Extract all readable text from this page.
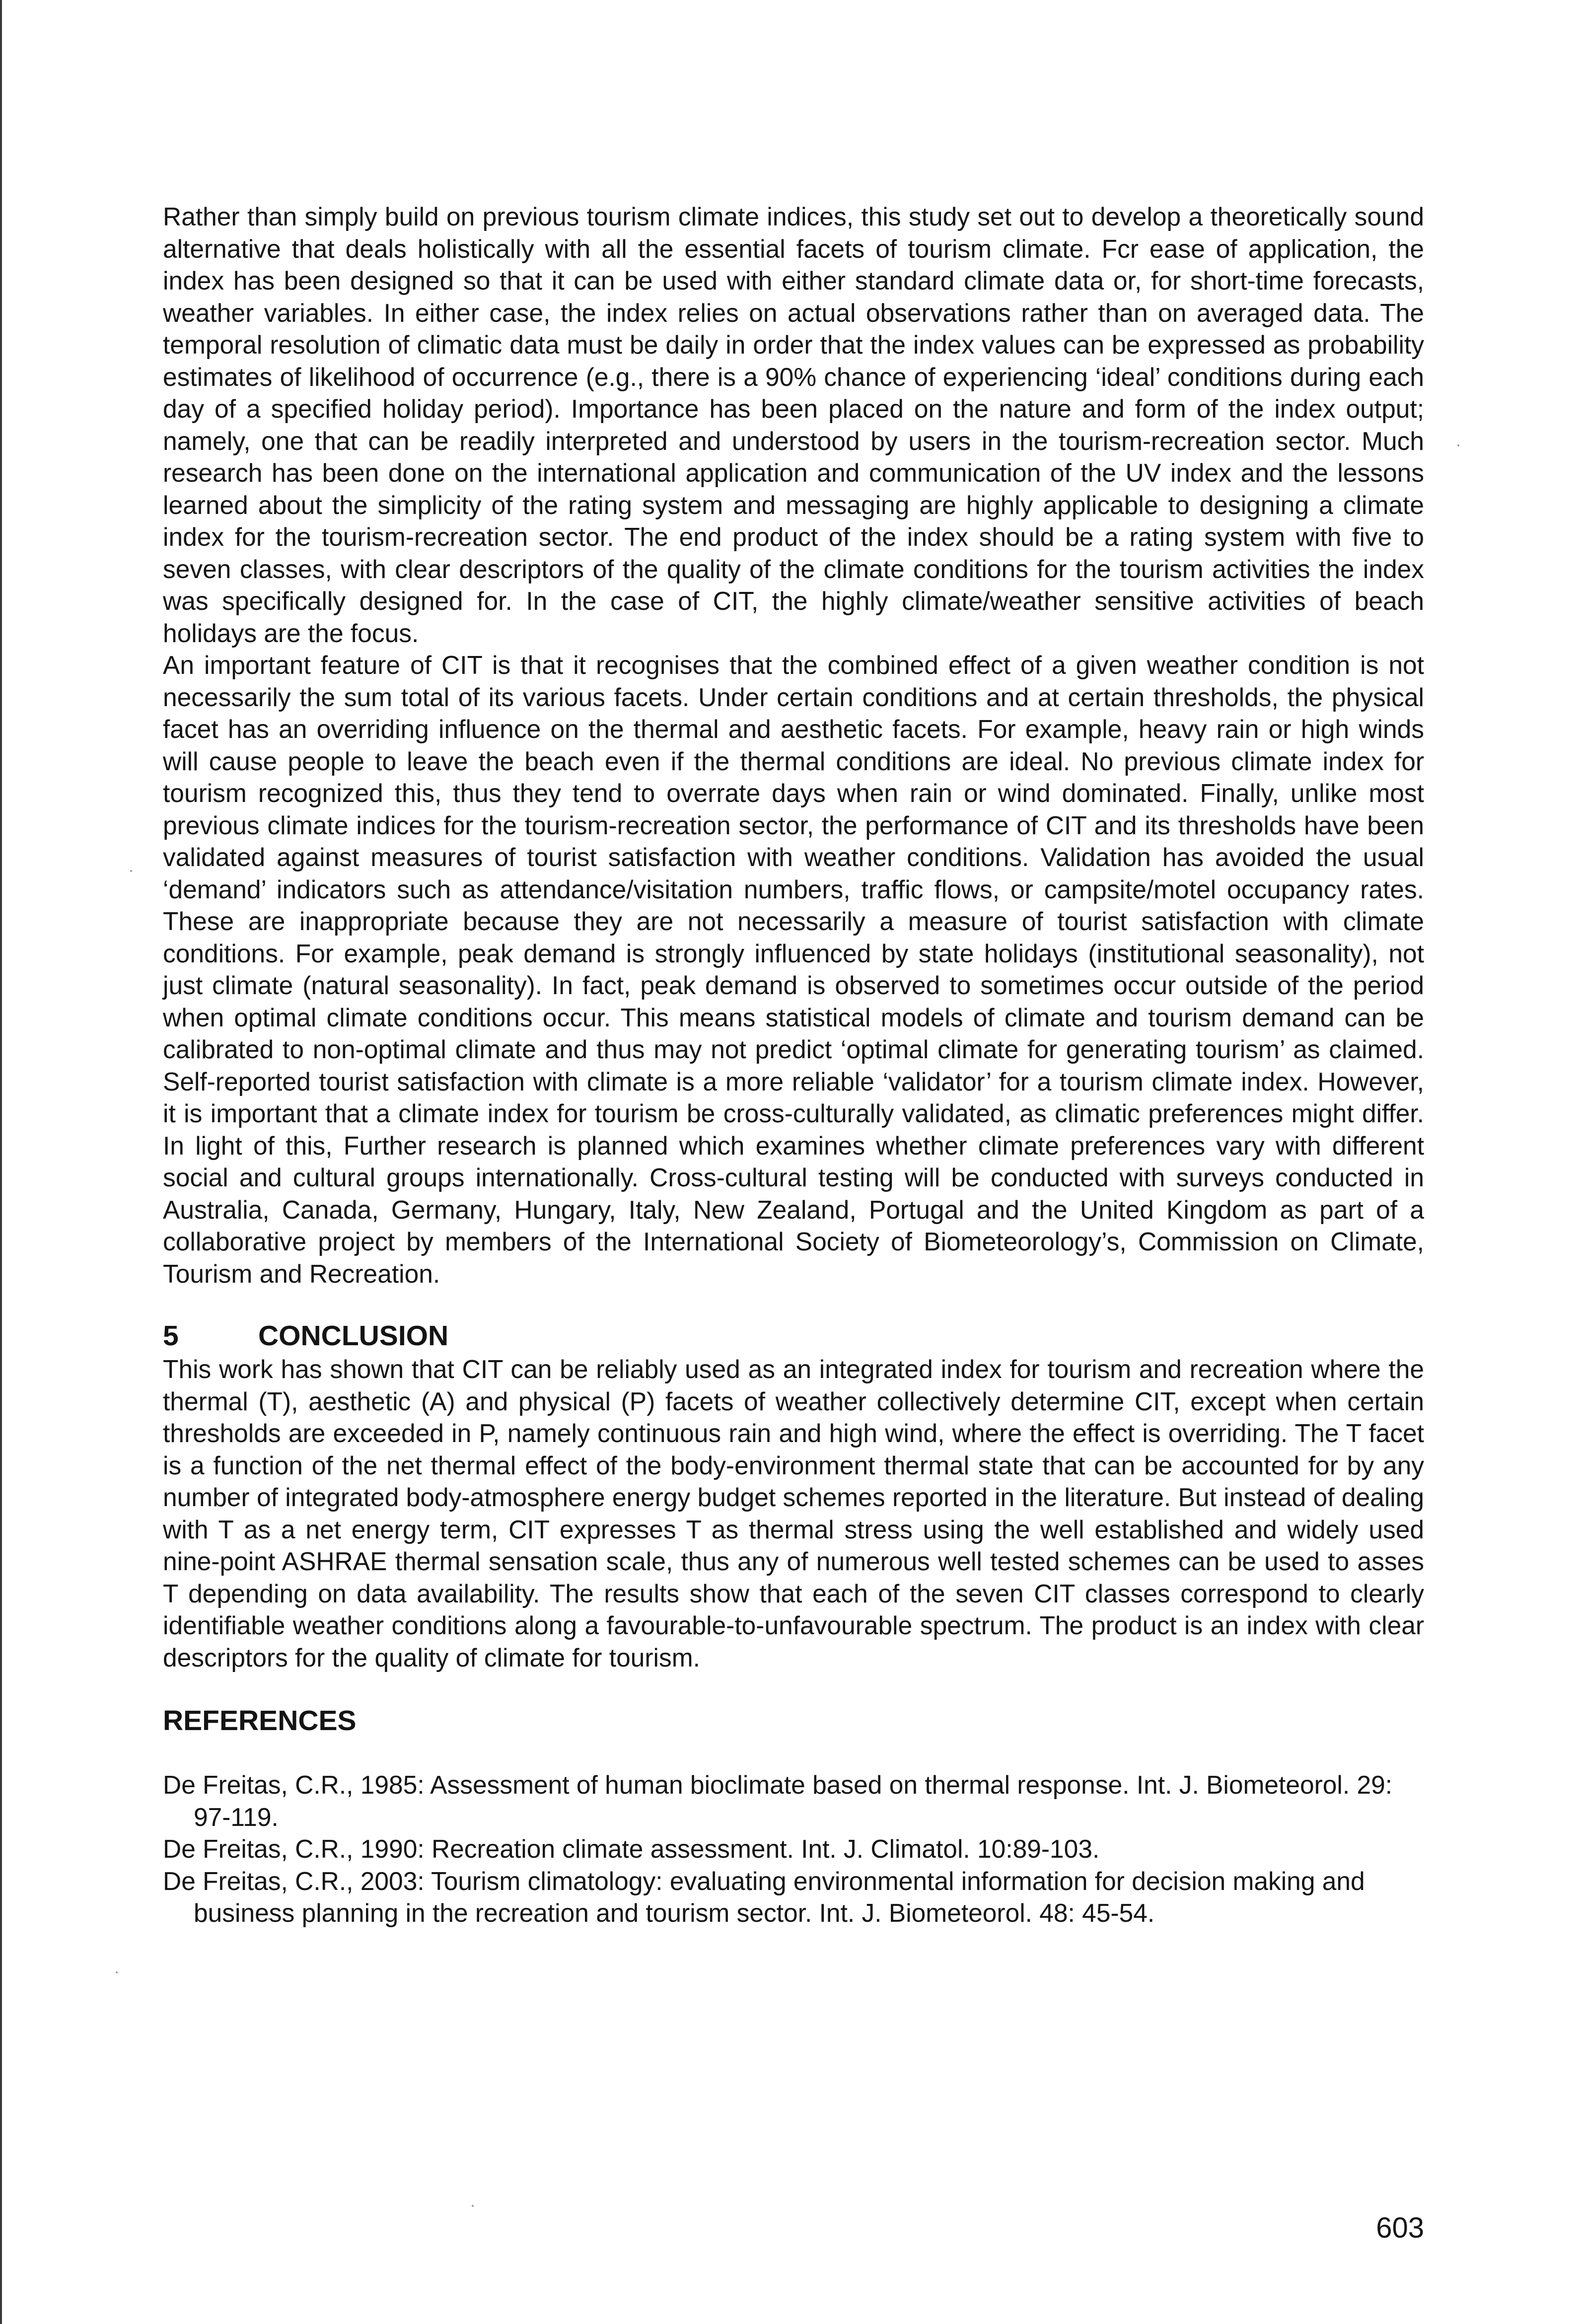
Rather than simply build on previous tourism climate indices, this study set out to develop a theoretically sound alternative that deals holistically with all the essential facets of tourism climate. Fcr ease of application, the index has been designed so that it can be used with either standard climate data or, for short-time forecasts, weather variables. In either case, the index relies on actual observations rather than on averaged data. The temporal resolution of climatic data must be daily in order that the index values can be expressed as probability estimates of likelihood of occurrence (e.g., there is a 90% chance of experiencing ‘ideal’ conditions during each day of a specified holiday period). Importance has been placed on the nature and form of the index output; namely, one that can be readily interpreted and understood by users in the tourism-recreation sector. Much research has been done on the international application and communication of the UV index and the lessons learned about the simplicity of the rating system and messaging are highly applicable to designing a climate index for the tourism-recreation sector. The end product of the index should be a rating system with five to seven classes, with clear descriptors of the quality of the climate conditions for the tourism activities the index was specifically designed for. In the case of CIT, the highly climate/weather sensitive activities of beach holidays are the focus.

An important feature of CIT is that it recognises that the combined effect of a given weather condition is not necessarily the sum total of its various facets. Under certain conditions and at certain thresholds, the physical facet has an overriding influence on the thermal and aesthetic facets. For example, heavy rain or high winds will cause people to leave the beach even if the thermal conditions are ideal. No previous climate index for tourism recognized this, thus they tend to overrate days when rain or wind dominated. Finally, unlike most previous climate indices for the tourism-recreation sector, the performance of CIT and its thresholds have been validated against measures of tourist satisfaction with weather conditions. Validation has avoided the usual ‘demand’ indicators such as attendance/visitation numbers, traffic flows, or campsite/motel occupancy rates. These are inappropriate because they are not necessarily a measure of tourist satisfaction with climate conditions. For example, peak demand is strongly influenced by state holidays (institutional seasonality), not just climate (natural seasonality). In fact, peak demand is observed to sometimes occur outside of the period when optimal climate conditions occur. This means statistical models of climate and tourism demand can be calibrated to non-optimal climate and thus may not predict ‘optimal climate for generating tourism’ as claimed. Self-reported tourist satisfaction with climate is a more reliable ‘validator’ for a tourism climate index. However, it is important that a climate index for tourism be cross-culturally validated, as climatic preferences might differ. In light of this, Further research is planned which examines whether climate preferences vary with different social and cultural groups internationally. Cross-cultural testing will be conducted with surveys conducted in Australia, Canada, Germany, Hungary, Italy, New Zealand, Portugal and the United Kingdom as part of a collaborative project by members of the International Society of Biometeorology’s, Commission on Climate, Tourism and Recreation.

5	CONCLUSION

This work has shown that CIT can be reliably used as an integrated index for tourism and recreation where the thermal (T), aesthetic (A) and physical (P) facets of weather collectively determine CIT, except when certain thresholds are exceeded in P, namely continuous rain and high wind, where the effect is overriding. The T facet is a function of the net thermal effect of the body-environment thermal state that can be accounted for by any number of integrated body-atmosphere energy budget schemes reported in the literature. But instead of dealing with T as a net energy term, CIT expresses T as thermal stress using the well established and widely used nine-point ASHRAE thermal sensation scale, thus any of numerous well tested schemes can be used to asses T depending on data availability. The results show that each of the seven CIT classes correspond to clearly identifiable weather conditions along a favourable-to-unfavourable spectrum. The product is an index with clear descriptors for the quality of climate for tourism.

REFERENCES
De Freitas, C.R., 1985: Assessment of human bioclimate based on thermal response. Int. J. Biometeorol. 29: 97-119.
De Freitas, C.R., 1990: Recreation climate assessment. Int. J. Climatol. 10:89-103.
De Freitas, C.R., 2003: Tourism climatology: evaluating environmental information for decision making and business planning in the recreation and tourism sector. Int. J. Biometeorol. 48: 45-54.
603
